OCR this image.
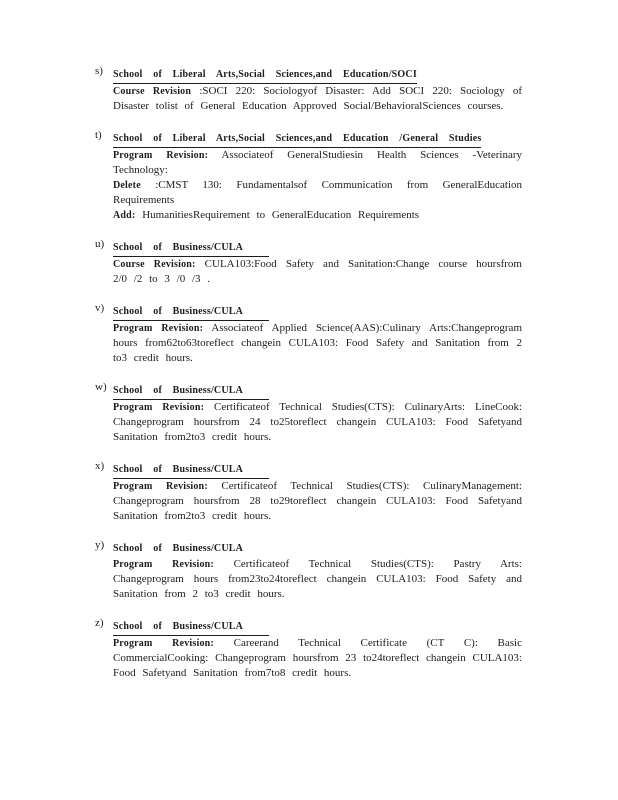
s)	School of Liberal Arts,Social Sciences,and Education/SOCI

Course Revision :SOCI 220: Sociologyof Disaster: Add SOCI 220: Sociology of Disaster tolist of General Education Approved Social/BehavioralSciences courses.

t)	School of Liberal Arts,Social Sciences,and Education /General Studies

Program Revision: Associateof GeneralStudiesin Health Sciences -Veterinary Technology:

Delete :CMST 130: Fundamentalsof Communication from GeneralEducation Requirements

Add: HumanitiesRequirement to GeneralEducation Requirements

u) School of Business/CULA

Course Revision: CULA103:Food Safety and Sanitation:Change course hoursfrom 2/0 /2 to 3 /0 /3 .

v) School of Business/CULA

Program Revision: Associateof Applied Science(AAS):Culinary Arts:Changeprogram hours from62to63toreflect changein CULA103: Food Safety and Sanitation from 2 to3 credit hours.

w) School of Business/CULA

Program Revision: Certificateof Technical Studies(CTS): CulinaryArts: LineCook: Changeprogram hoursfrom 24 to25toreflect changein CULA103: Food Safetyand Sanitation from2to3 credit hours.

x) School of Business/CULA

Program Revision: Certificateof Technical Studies(CTS): CulinaryManagement: Changeprogram hoursfrom 28 to29toreflect changein CULA103: Food Safetyand Sanitation from2to3 credit hours.

y) School of Business/CULA

Program Revision: Certificateof Technical Studies(CTS): Pastry Arts: Changeprogram hours from23to24toreflect changein CULA103: Food Safety and Sanitation from 2 to3 credit hours.

z) School of Business/CULA

Program Revision: Careerand Technical Certificate (CT C): Basic CommercialCooking: Changeprogram hoursfrom 23 to24toreflect changein CULA103: Food Safetyand Sanitation from7to8 credit hours.
